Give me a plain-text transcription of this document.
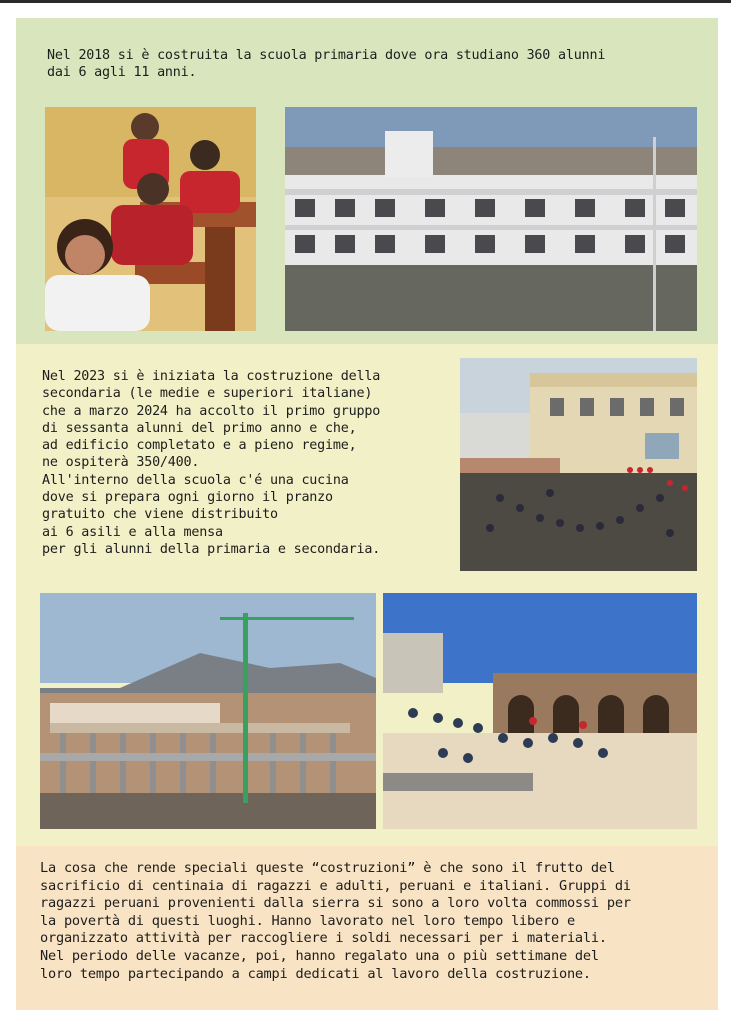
Nel 2018 si è costruita la scuola primaria dove ora studiano 360 alunni
dai 6 agli 11 anni.
Nel 2023 si è iniziata la costruzione della
secondaria (le medie e superiori italiane)
che a marzo 2024 ha accolto il primo gruppo
di sessanta alunni del primo anno e che,
ad edificio completato e a pieno regime,
ne ospiterà 350/400.
All'interno della scuola c'é una cucina
dove si prepara ogni giorno il pranzo
gratuito che viene distribuito
ai 6 asili e alla mensa
per gli alunni della primaria e secondaria.
La cosa che rende speciali queste “costruzioni” è che sono il frutto del
sacrificio di centinaia di ragazzi e adulti, peruani e italiani. Gruppi di
ragazzi peruani provenienti dalla sierra si sono a loro volta commossi per
la povertà di questi luoghi. Hanno lavorato nel loro tempo libero e
organizzato attività per raccogliere i soldi necessari per i materiali.
Nel periodo delle vacanze, poi, hanno regalato una o più settimane del
loro tempo partecipando a campi dedicati al lavoro della costruzione.
